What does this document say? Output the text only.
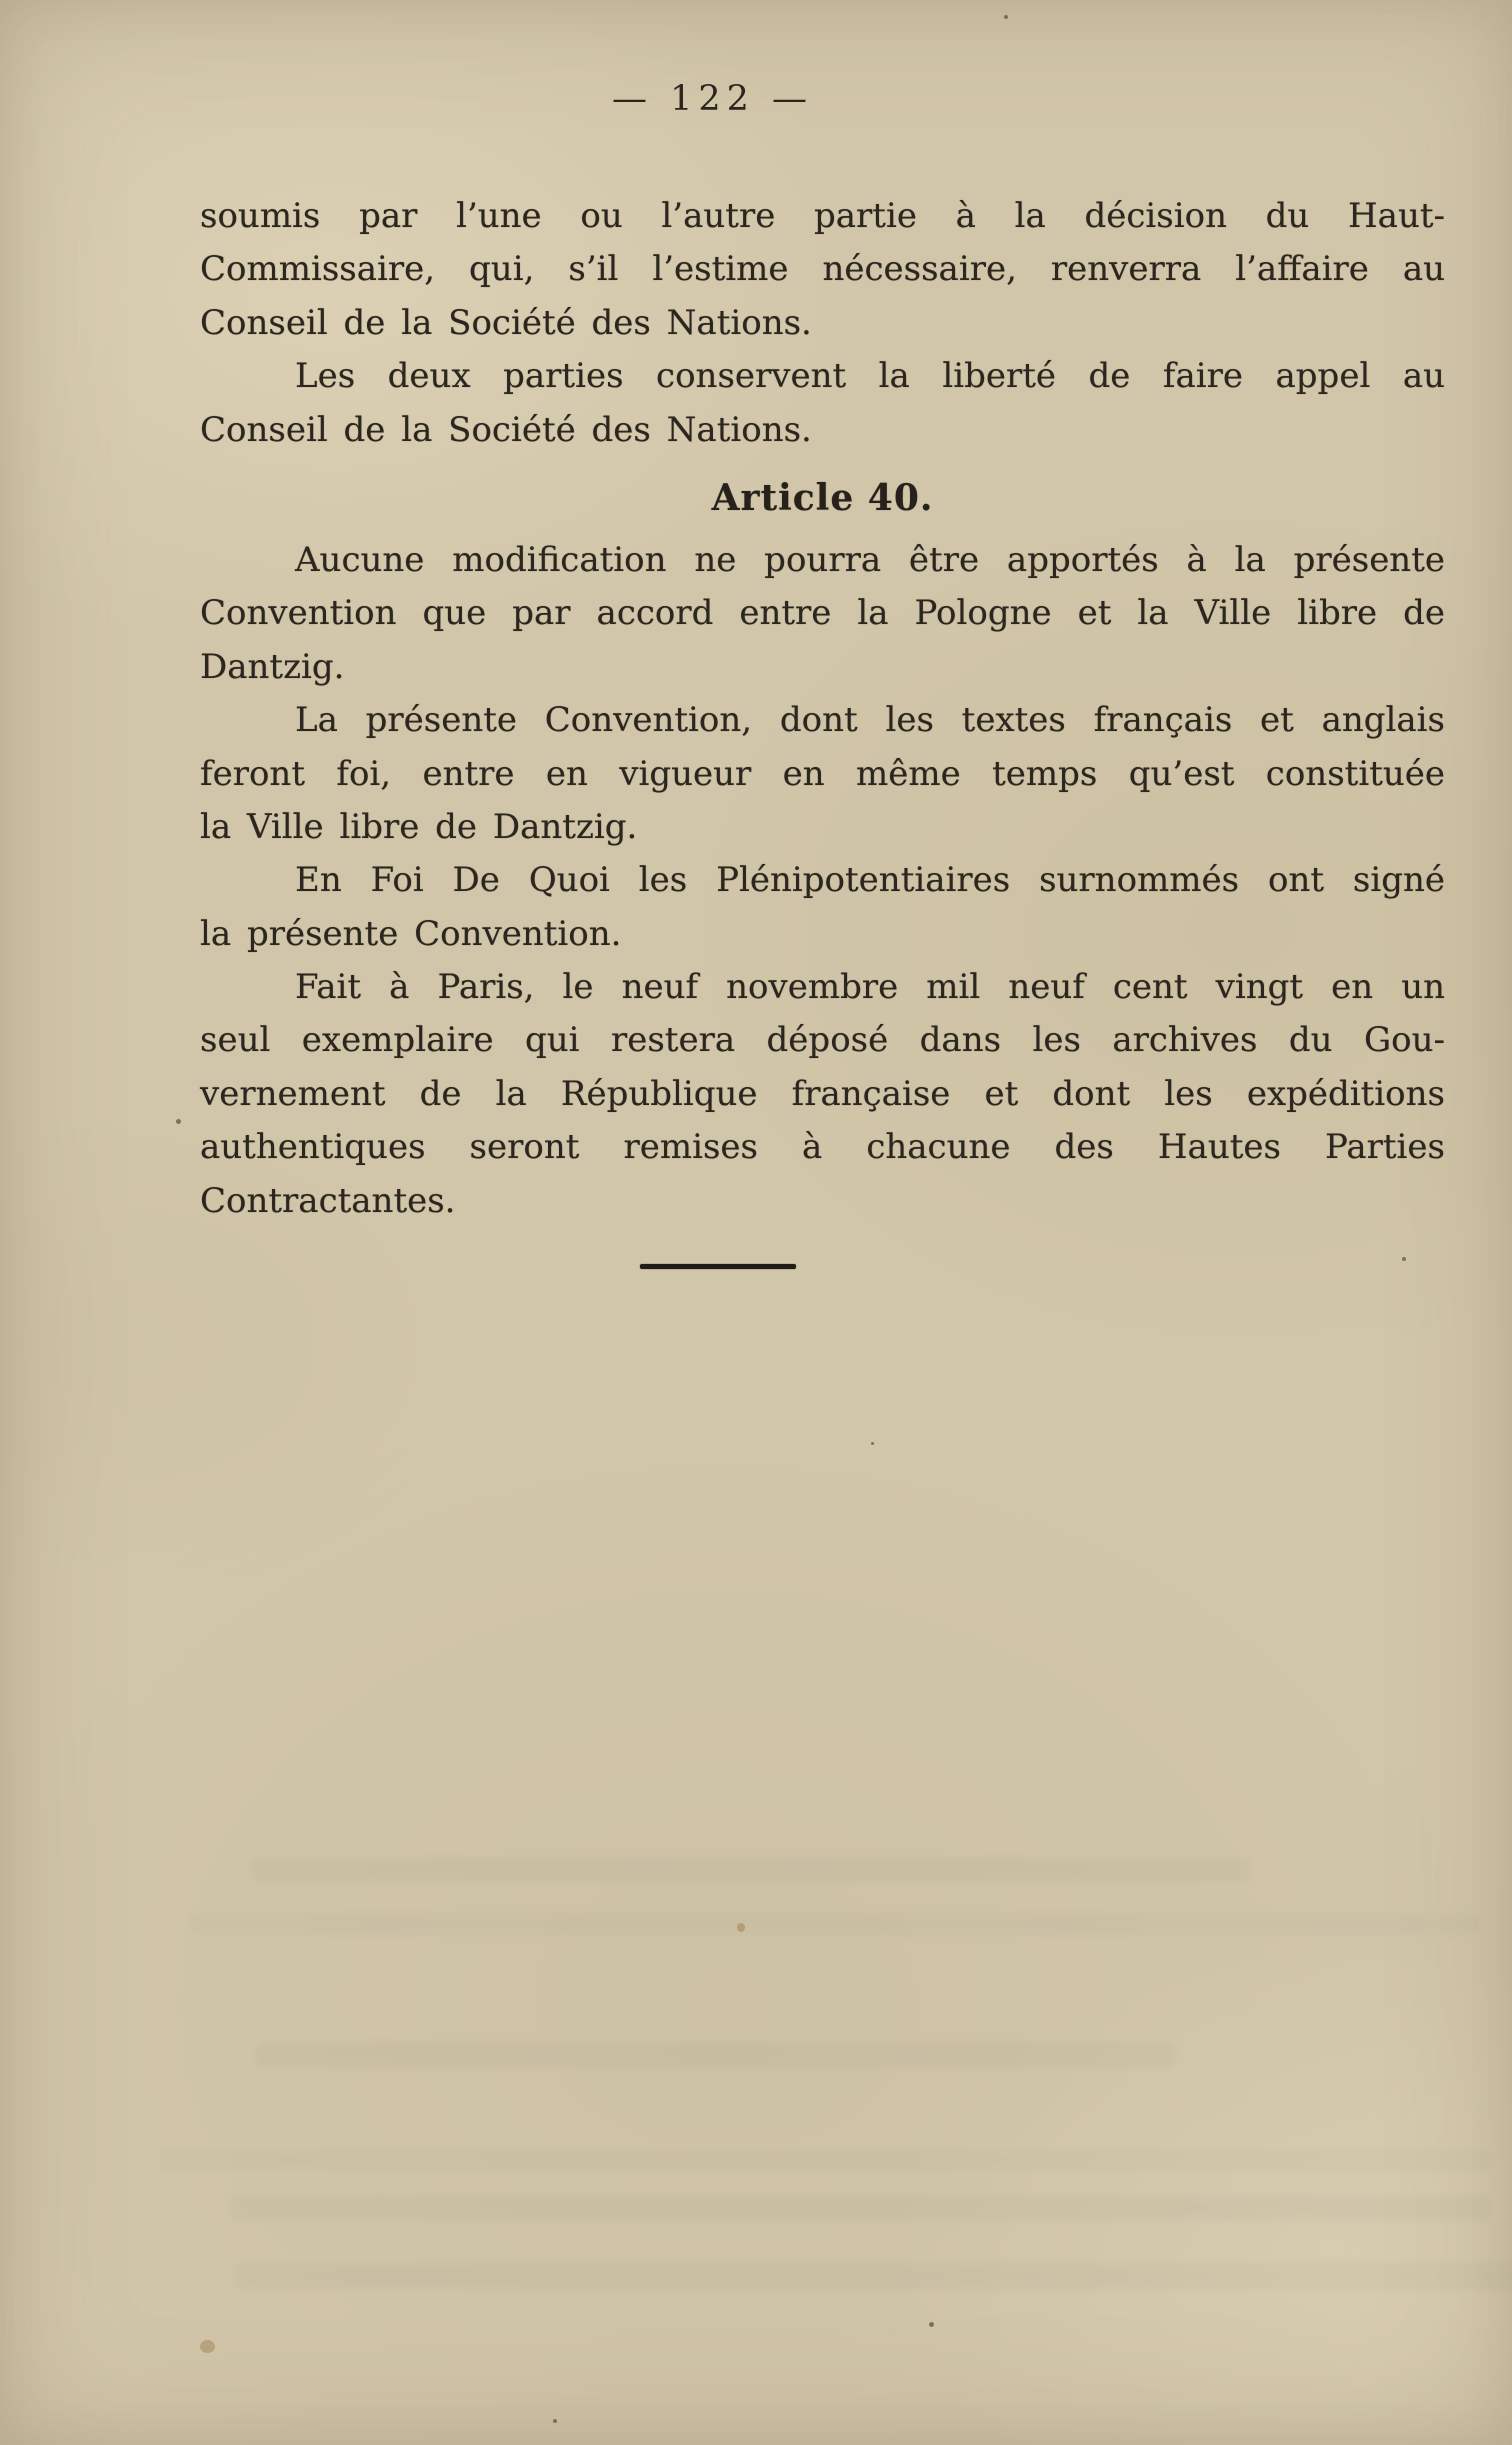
— 122 —
soumis par l’une ou l’autre partie à la décision du Haut-
Commissaire, qui, s’il l’estime nécessaire, renverra l’affaire au
Conseil de la Société des Nations.
Les deux parties conservent la liberté de faire appel au
Conseil de la Société des Nations.
Article 40.
Aucune modification ne pourra être apportés à la présente
Convention que par accord entre la Pologne et la Ville libre de
Dantzig.
La présente Convention, dont les textes français et anglais
feront foi, entre en vigueur en même temps qu’est constituée
la Ville libre de Dantzig.
En Foi De Quoi les Plénipotentiaires surnommés ont signé
la présente Convention.
Fait à Paris, le neuf novembre mil neuf cent vingt en un
seul exemplaire qui restera déposé dans les archives du Gou-
vernement de la République française et dont les expéditions
authentiques seront remises à chacune des Hautes Parties
Contractantes.
